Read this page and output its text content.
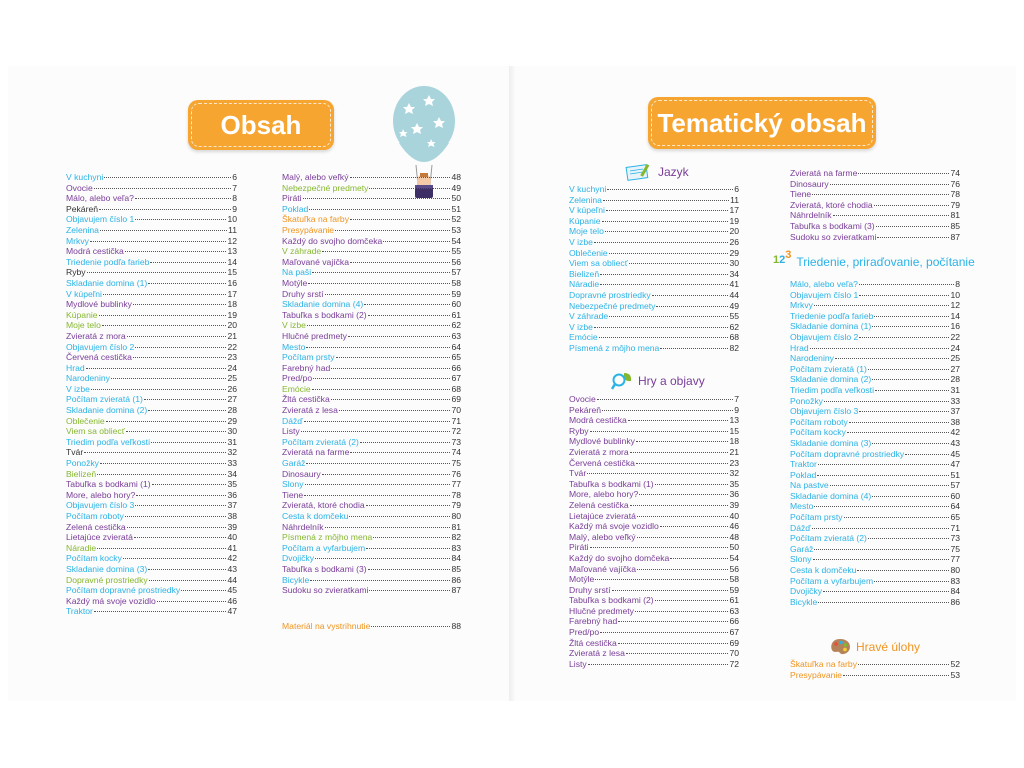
Obsah
V kuchyni	6
Ovocie	7
Málo, alebo veľa?	8
Pekáreň	9
Objavujem číslo 1	10
Zelenina	11
Mrkvy	12
Modrá cestička	13
Triedenie podľa farieb	14
Ryby	15
Skladanie domina (1)	16
V kúpeľni	17
Mydlové bublinky	18
Kúpanie	19
Moje telo	20
Zvieratá z mora	21
Objavujem číslo 2	22
Červená cestička	23
Hrad	24
Narodeniny	25
V izbe	26
Počítam zvieratá (1)	27
Skladanie domina (2)	28
Oblečenie	29
Viem sa obliecť	30
Triedim podľa veľkosti	31
Tvár	32
Ponožky	33
Bielizeň	34
Tabuľka s bodkami (1)	35
More, alebo hory?	36
Objavujem číslo 3	37
Počítam roboty	38
Zelená cestička	39
Lietajúce zvieratá	40
Náradie	41
Počítam kocky	42
Skladanie domina (3)	43
Dopravné prostriedky	44
Počítam dopravné prostriedky	45
Každý má svoje vozidlo	46
Traktor	47
Malý, alebo veľký	48
Nebezpečné predmety	49
Piráti	50
Poklad	51
Škatuľka na farby	52
Presypávanie	53
Každý do svojho domčeka	54
V záhrade	55
Maľované vajíčka	56
Na paši	57
Motýle	58
Druhy srstí	59
Skladanie domina (4)	60
Tabuľka s bodkami (2)	61
V izbe	62
Hlučné predmety	63
Mesto	64
Počítam prsty	65
Farebný had	66
Pred/po	67
Emócie	68
Žltá cestička	69
Zvieratá z lesa	70
Dážď	71
Listy	72
Počítam zvieratá (2)	73
Zvieratá na farme	74
Garáž	75
Dinosaury	76
Slony	77
Tiene	78
Zvieratá, ktoré chodia	79
Cesta k domčeku	80
Náhrdelník	81
Písmená z môjho mena	82
Počítam a vyfarbujem	83
Dvojičky	84
Tabuľka s bodkami (3)	85
Bicykle	86
Sudoku so zvieratkami	87
Materiál na vystrihnutie	88
Tematický obsah
Jazyk
V kuchyni	6
Zelenina	11
V kúpeľni	17
Kúpanie	19
Moje telo	20
V izbe	26
Oblečenie	29
Viem sa obliecť	30
Bielizeň	34
Náradie	41
Dopravné prostriedky	44
Nebezpečné predmety	49
V záhrade	55
V izbe	62
Emócie	68
Písmená z môjho mena	82
Hry a objavy
Ovocie	7
Pekáreň	9
Modrá cestička	13
Ryby	15
Mydlové bublinky	18
Zvieratá z mora	21
Červená cestička	23
Tvár	32
Tabuľka s bodkami (1)	35
More, alebo hory?	36
Zelená cestička	39
Lietajúce zvieratá	40
Každý má svoje vozidlo	46
Malý, alebo veľký	48
Piráti	50
Každý do svojho domčeka	54
Maľované vajíčka	56
Motýle	58
Druhy srstí	59
Tabuľka s bodkami (2)	61
Hlučné predmety	63
Farebný had	66
Pred/po	67
Žltá cestička	69
Zvieratá z lesa	70
Listy	72
Zvieratá na farme	74
Dinosaury	76
Tiene	78
Zvieratá, ktoré chodia	79
Náhrdelník	81
Tabuľka s bodkami (3)	85
Sudoku so zvieratkami	87
123 Triedenie, priraďovanie, počítanie
Málo, alebo veľa?	8
Objavujem číslo 1	10
Mrkvy	12
Triedenie podľa farieb	14
Skladanie domina (1)	16
Objavujem číslo 2	22
Hrad	24
Narodeniny	25
Počítam zvieratá (1)	27
Skladanie domina (2)	28
Triedim podľa veľkosti	31
Ponožky	33
Objavujem číslo 3	37
Počítam roboty	38
Počítam kocky	42
Skladanie domina (3)	43
Počítam dopravné prostriedky	45
Traktor	47
Poklad	51
Na pastve	57
Skladanie domina (4)	60
Mesto	64
Počítam prsty	65
Dážď	71
Počítam zvieratá (2)	73
Garáž	75
Slony	77
Cesta k domčeku	80
Počítam a vyfarbujem	83
Dvojičky	84
Bicykle	86
Hravé úlohy
Škatuľka na farby	52
Presypávanie	53
